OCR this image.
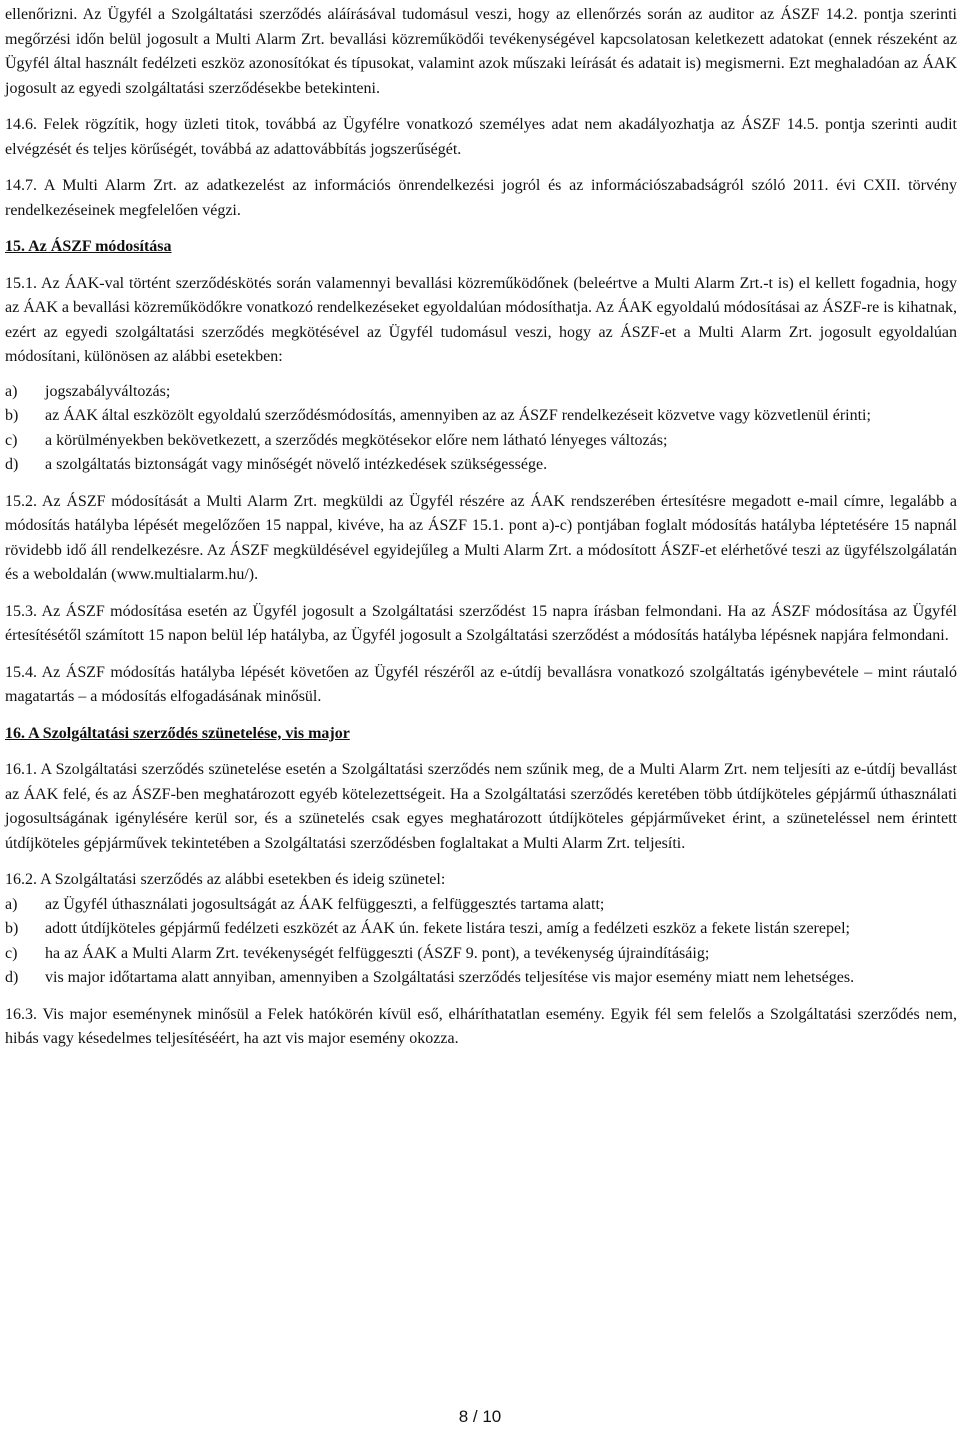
ellenőrizni. Az Ügyfél a Szolgáltatási szerződés aláírásával tudomásul veszi, hogy az ellenőrzés során az auditor az ÁSZF 14.2. pontja szerinti megőrzési időn belül jogosult a Multi Alarm Zrt. bevallási közreműködői tevékenységével kapcsolatosan keletkezett adatokat (ennek részeként az Ügyfél által használt fedélzeti eszköz azonosítókat és típusokat, valamint azok műszaki leírását és adatait is) megismerni. Ezt meghaladóan az ÁAK jogosult az egyedi szolgáltatási szerződésekbe betekinteni.

14.6. Felek rögzítik, hogy üzleti titok, továbbá az Ügyfélre vonatkozó személyes adat nem akadályozhatja az ÁSZF 14.5. pontja szerinti audit elvégzését és teljes körűségét, továbbá az adattovábbítás jogszerűségét.

14.7. A Multi Alarm Zrt. az adatkezelést az információs önrendelkezési jogról és az információszabadságról szóló 2011. évi CXII. törvény rendelkezéseinek megfelelően végzi.

15. Az ÁSZF módosítása

15.1. Az ÁAK-val történt szerződéskötés során valamennyi bevallási közreműködőnek (beleértve a Multi Alarm Zrt.-t is) el kellett fogadnia, hogy az ÁAK a bevallási közreműködőkre vonatkozó rendelkezéseket egyoldalúan módosíthatja. Az ÁAK egyoldalú módosításai az ÁSZF-re is kihatnak, ezért az egyedi szolgáltatási szerződés megkötésével az Ügyfél tudomásul veszi, hogy az ÁSZF-et a Multi Alarm Zrt. jogosult egyoldalúan módosítani, különösen az alábbi esetekben:

a)	jogszabályváltozás;
b)	az ÁAK által eszközölt egyoldalú szerződésmódosítás, amennyiben az az ÁSZF rendelkezéseit közvetve vagy közvetlenül érinti;
c)	a körülményekben bekövetkezett, a szerződés megkötésekor előre nem látható lényeges változás;
d)	a szolgáltatás biztonságát vagy minőségét növelő intézkedések szükségessége.

15.2. Az ÁSZF módosítását a Multi Alarm Zrt. megküldi az Ügyfél részére az ÁAK rendszerében értesítésre megadott e-mail címre, legalább a módosítás hatályba lépését megelőzően 15 nappal, kivéve, ha az ÁSZF 15.1. pont a)-c) pontjában foglalt módosítás hatályba léptetésére 15 napnál rövidebb idő áll rendelkezésre. Az ÁSZF megküldésével egyidejűleg a Multi Alarm Zrt. a módosított ÁSZF-et elérhetővé teszi az ügyfélszolgálatán és a weboldalán (www.multialarm.hu/).

15.3. Az ÁSZF módosítása esetén az Ügyfél jogosult a Szolgáltatási szerződést 15 napra írásban felmondani. Ha az ÁSZF módosítása az Ügyfél értesítésétől számított 15 napon belül lép hatályba, az Ügyfél jogosult a Szolgáltatási szerződést a módosítás hatályba lépésnek napjára felmondani.

15.4. Az ÁSZF módosítás hatályba lépését követően az Ügyfél részéről az e-útdíj bevallásra vonatkozó szolgáltatás igénybevétele – mint ráutaló magatartás – a módosítás elfogadásának minősül.

16. A Szolgáltatási szerződés szünetelése, vis major

16.1. A Szolgáltatási szerződés szünetelése esetén a Szolgáltatási szerződés nem szűnik meg, de a Multi Alarm Zrt. nem teljesíti az e-útdíj bevallást az ÁAK felé, és az ÁSZF-ben meghatározott egyéb kötelezettségeit. Ha a Szolgáltatási szerződés keretében több útdíjköteles gépjármű úthasználati jogosultságának igénylésére kerül sor, és a szünetelés csak egyes meghatározott útdíjköteles gépjárműveket érint, a szüneteléssel nem érintett útdíjköteles gépjárművek tekintetében a Szolgáltatási szerződésben foglaltakat a Multi Alarm Zrt. teljesíti.

16.2. A Szolgáltatási szerződés az alábbi esetekben és ideig szünetel:

a)	az Ügyfél úthasználati jogosultságát az ÁAK felfüggeszti, a felfüggesztés tartama alatt;
b)	adott útdíjköteles gépjármű fedélzeti eszközét az ÁAK ún. fekete listára teszi, amíg a fedélzeti eszköz a fekete listán szerepel;
c)	ha az ÁAK a Multi Alarm Zrt. tevékenységét felfüggeszti (ÁSZF 9. pont), a tevékenység újraindításáig;
d)	vis major időtartama alatt annyiban, amennyiben a Szolgáltatási szerződés teljesítése vis major esemény miatt nem lehetséges.

16.3. Vis major eseménynek minősül a Felek hatókörén kívül eső, elháríthatatlan esemény. Egyik fél sem felelős a Szolgáltatási szerződés nem, hibás vagy késedelmes teljesítéséért, ha azt vis major esemény okozza.

8 / 10
